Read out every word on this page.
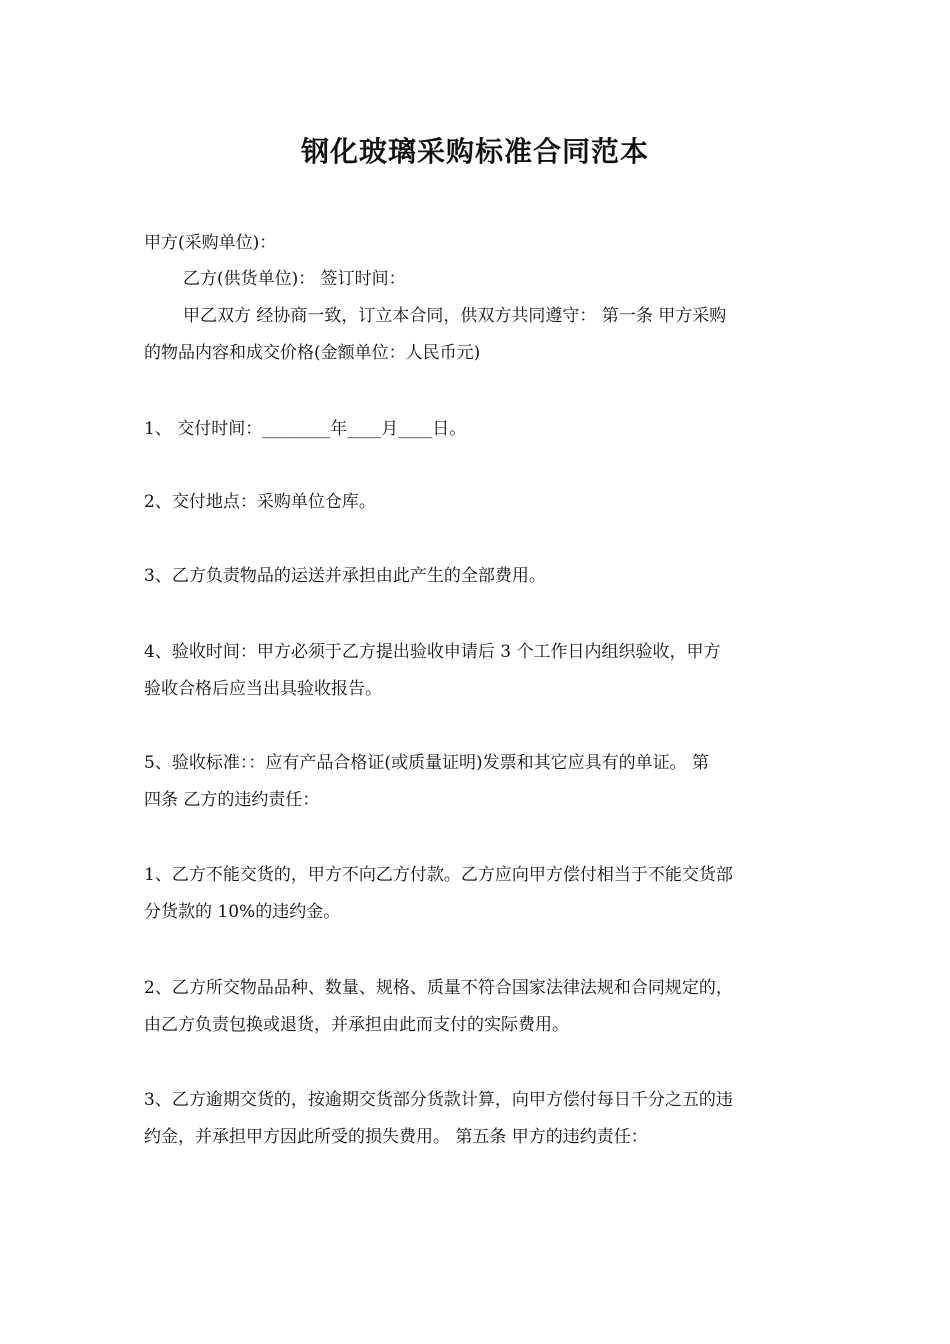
钢化玻璃采购标准合同范本
甲方(采购单位)：
乙方(供货单位)： 签订时间：
甲乙双方 经协商一致，订立本合同，供双方共同遵守： 第一条 甲方采购
的物品内容和成交价格(金额单位：人民币元)
1、 交付时间：________年____月____日。
2、交付地点：采购单位仓库。
3、乙方负责物品的运送并承担由此产生的全部费用。
4、验收时间：甲方必须于乙方提出验收申请后 3 个工作日内组织验收，甲方
验收合格后应当出具验收报告。
5、验收标准：：应有产品合格证(或质量证明)发票和其它应具有的单证。 第
四条 乙方的违约责任：
1、乙方不能交货的，甲方不向乙方付款。乙方应向甲方偿付相当于不能交货部
分货款的 10%的违约金。
2、乙方所交物品品种、数量、规格、质量不符合国家法律法规和合同规定的，
由乙方负责包换或退货，并承担由此而支付的实际费用。
3、乙方逾期交货的，按逾期交货部分货款计算，向甲方偿付每日千分之五的违
约金，并承担甲方因此所受的损失费用。 第五条 甲方的违约责任：
